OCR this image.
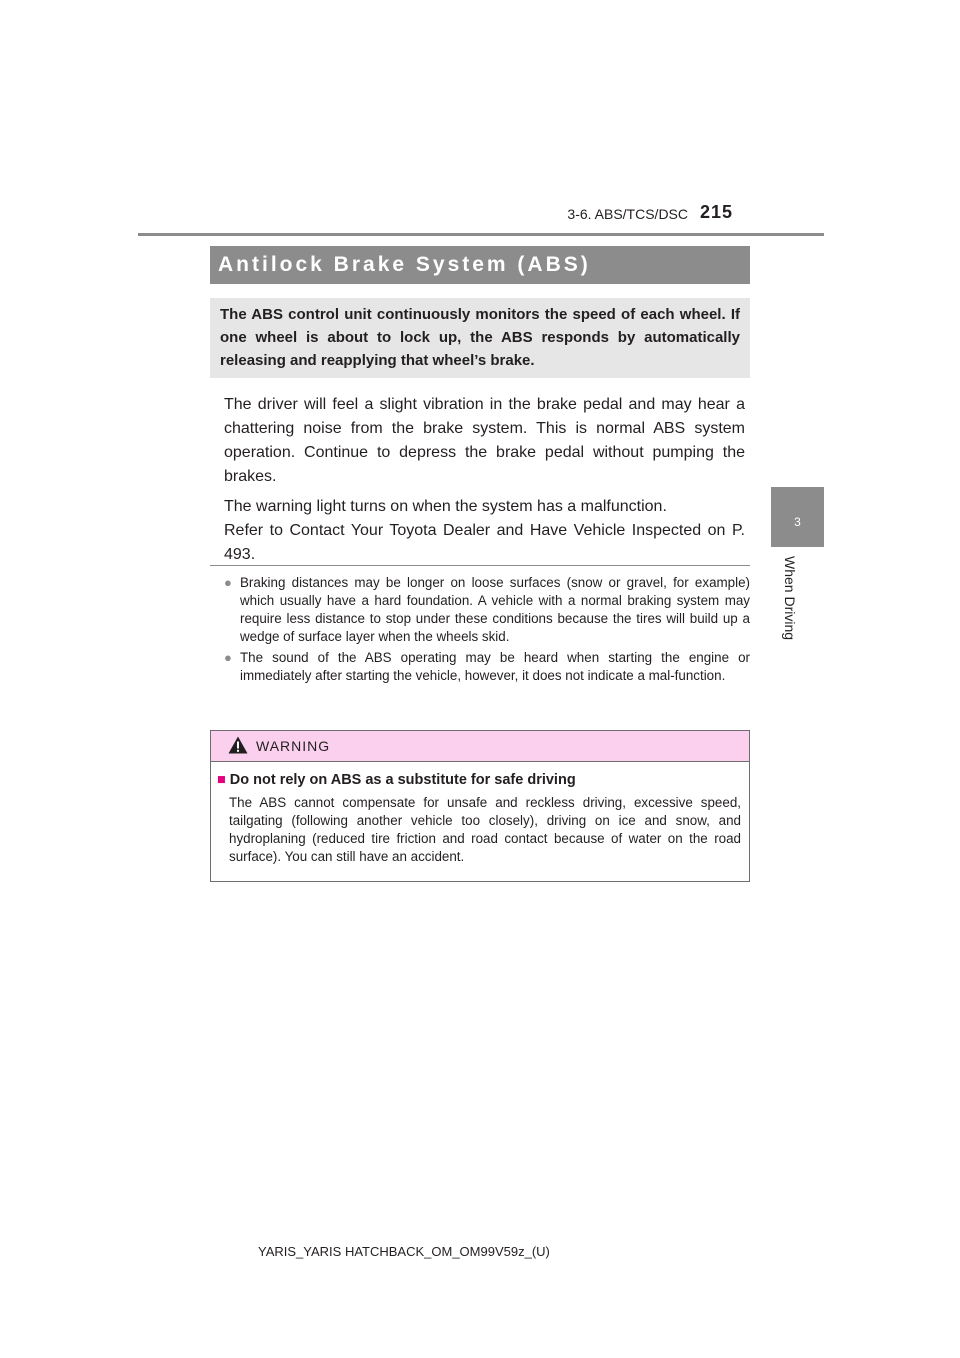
3-6. ABS/TCS/DSC 215
3
When Driving
Antilock Brake System (ABS)
The ABS control unit continuously monitors the speed of each wheel. If one wheel is about to lock up, the ABS responds by automatically releasing and reapplying that wheel’s brake.

The driver will feel a slight vibration in the brake pedal and may hear a chattering noise from the brake system. This is normal ABS system operation. Continue to depress the brake pedal without pumping the brakes.

The warning light turns on when the system has a malfunction.

Refer to Contact Your Toyota Dealer and Have Vehicle Inspected on P. 493.

● Braking distances may be longer on loose surfaces (snow or gravel, for example) which usually have a hard foundation. A vehicle with a normal braking system may require less distance to stop under these conditions because the tires will build up a wedge of surface layer when the wheels skid.
● The sound of the ABS operating may be heard when starting the engine or immediately after starting the vehicle, however, it does not indicate a mal-function.
WARNING
■ Do not rely on ABS as a substitute for safe driving
The ABS cannot compensate for unsafe and reckless driving, excessive speed, tailgating (following another vehicle too closely), driving on ice and snow, and hydroplaning (reduced tire friction and road contact because of water on the road surface). You can still have an accident.
YARIS_YARIS HATCHBACK_OM_OM99V59z_(U)
